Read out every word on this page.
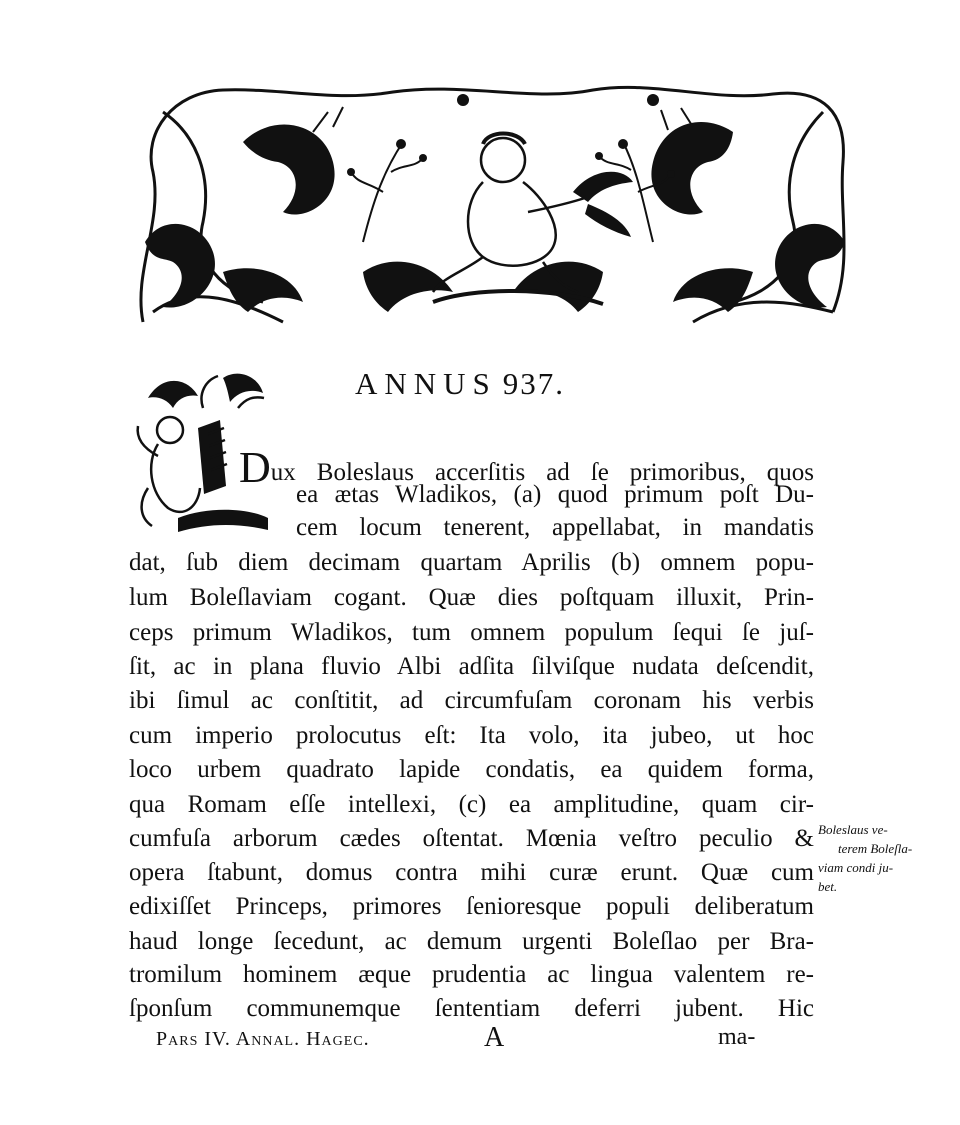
ANNUS 937.
Dux Boleslaus accerſitis ad ſe primoribus, quos
ea ætas Wladikos, (a) quod primum poſt Du-
cem locum tenerent, appellabat, in mandatis
dat, ſub diem decimam quartam Aprilis (b) omnem popu-
lum Boleſlaviam cogant. Quæ dies poſtquam illuxit, Prin-
ceps primum Wladikos, tum omnem populum ſequi ſe juſ-
ſit, ac in plana fluvio Albi adſita ſilviſque nudata deſcendit,
ibi ſimul ac conſtitit, ad circumfuſam coronam his verbis
cum imperio prolocutus eſt: Ita volo, ita jubeo, ut hoc
loco urbem quadrato lapide condatis, ea quidem forma,
qua Romam eſſe intellexi, (c) ea amplitudine, quam cir-
cumfuſa arborum cædes oſtentat. Mœnia veſtro peculio &
opera ſtabunt, domus contra mihi curæ erunt. Quæ cum
edixiſſet Princeps, primores ſenioresque populi deliberatum
haud longe ſecedunt, ac demum urgenti Boleſlao per Bra-
tromilum hominem æque prudentia ac lingua valentem re-
ſponſum communemque ſententiam deferri jubent. Hic
Boleslaus ve-
terem Boleſla-
viam condi ju-
bet.
Pars IV. Annal. Hagec.	A	ma-
